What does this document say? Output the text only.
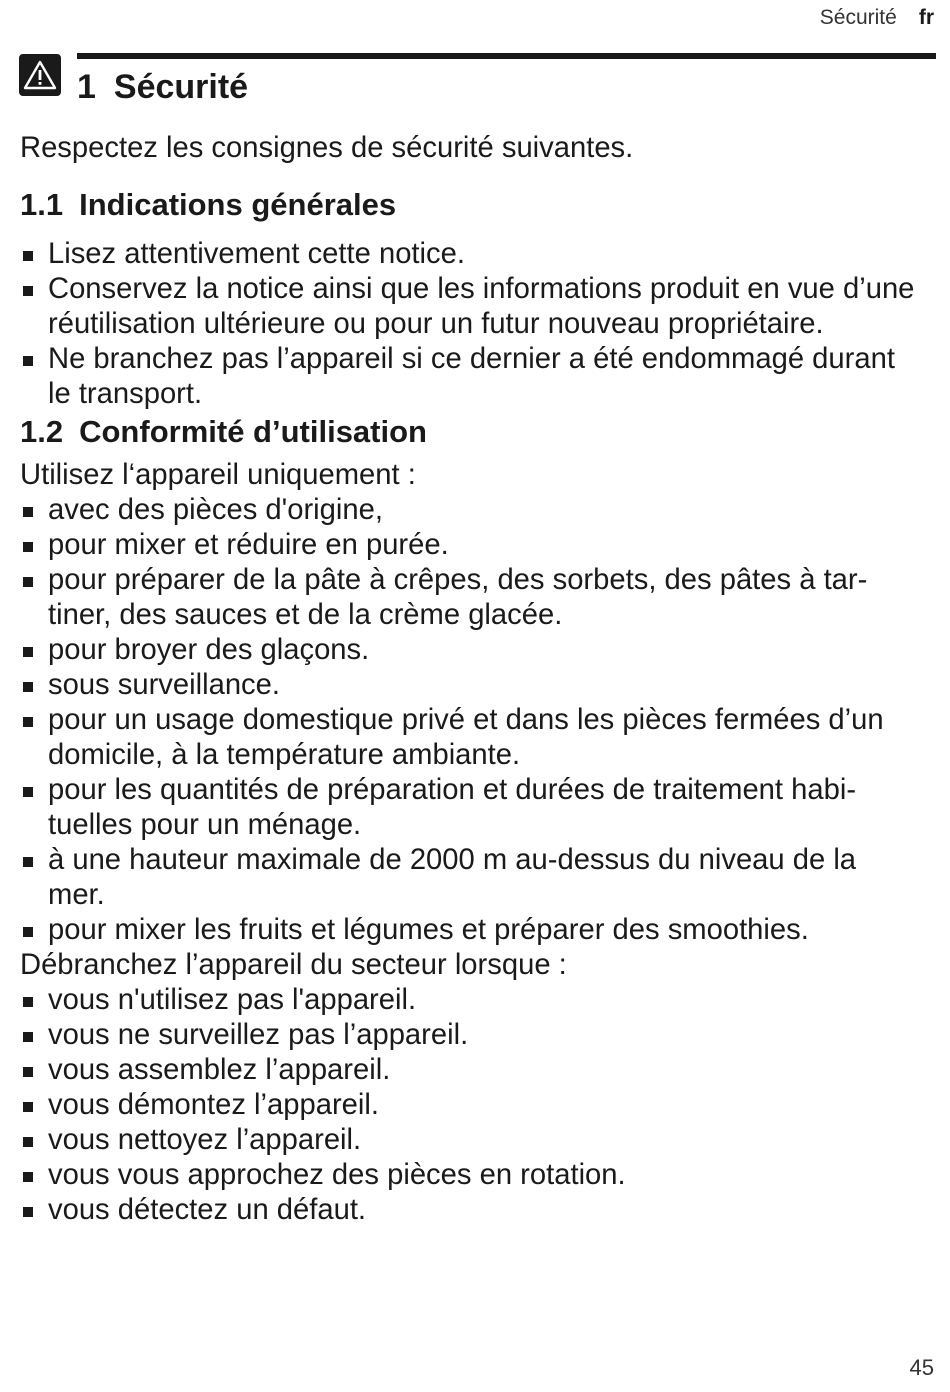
Sécurité fr
1 Sécurité

Respectez les consignes de sécurité suivantes.

1.1 Indications générales
Lisez attentivement cette notice.
Conservez la notice ainsi que les informations produit en vue d’une réutilisation ultérieure ou pour un futur nouveau propriétaire.
Ne branchez pas l’appareil si ce dernier a été endommagé durant le transport.
1.2 Conformité d’utilisation

Utilisez l‘appareil uniquement :

avec des pièces d'origine,
pour mixer et réduire en purée.
pour préparer de la pâte à crêpes, des sorbets, des pâtes à tartiner, des sauces et de la crème glacée.
pour broyer des glaçons.
sous surveillance.
pour un usage domestique privé et dans les pièces fermées d’un domicile, à la température ambiante.
pour les quantités de préparation et durées de traitement habituelles pour un ménage.
à une hauteur maximale de 2000 m au-dessus du niveau de la mer.
pour mixer les fruits et légumes et préparer des smoothies.

Débranchez l’appareil du secteur lorsque :

vous n'utilisez pas l'appareil.
vous ne surveillez pas l’appareil.
vous assemblez l’appareil.
vous démontez l’appareil.
vous nettoyez l’appareil.
vous vous approchez des pièces en rotation.
vous détectez un défaut.
45
